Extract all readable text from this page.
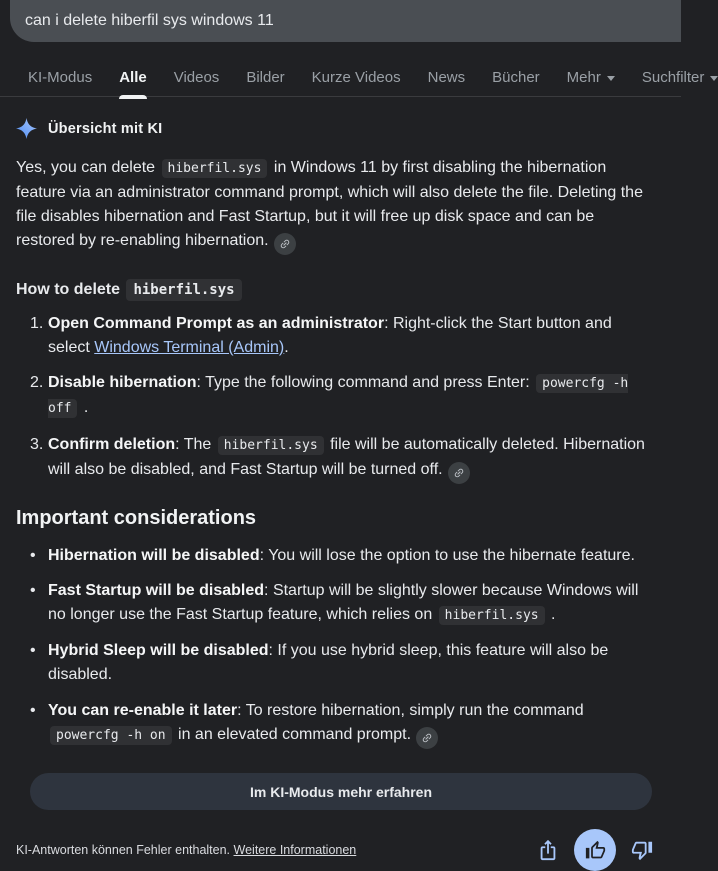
can i delete hiberfil sys windows 11
KI-Modus Alle Videos Bilder Kurze Videos News Bücher Mehr	Suchfilter
Übersicht mit KI

Yes, you can delete hiberfil.sys in Windows 11 by first disabling the hibernation feature via an administrator command prompt, which will also delete the file. Deleting the file disables hibernation and Fast Startup, but it will free up disk space and can be restored by re-enabling hibernation.

How to delete hiberfil.sys
1. Open Command Prompt as an administrator: Right-click the Start button and select Windows Terminal (Admin).
2. Disable hibernation: Type the following command and press Enter: powercfg -h off .
3. Confirm deletion: The hiberfil.sys file will be automatically deleted. Hibernation will also be disabled, and Fast Startup will be turned off.
Important considerations
• Hibernation will be disabled: You will lose the option to use the hibernate feature.
• Fast Startup will be disabled: Startup will be slightly slower because Windows will no longer use the Fast Startup feature, which relies on hiberfil.sys .
• Hybrid Sleep will be disabled: If you use hybrid sleep, this feature will also be disabled.
• You can re-enable it later: To restore hibernation, simply run the command powercfg -h on in an elevated command prompt.
Im KI-Modus mehr erfahren
KI-Antworten können Fehler enthalten. Weitere Informationen
